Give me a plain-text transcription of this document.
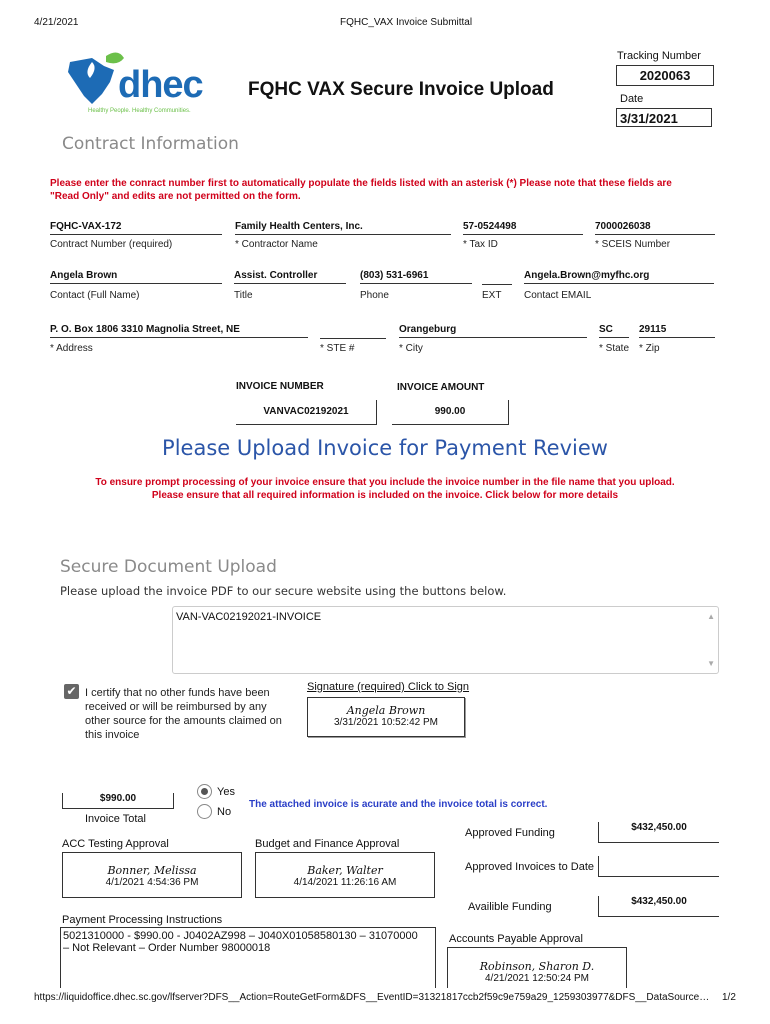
4/21/2021	FQHC_VAX Invoice Submittal
dhec
Healthy People. Healthy Communities.
FQHC VAX Secure Invoice Upload
Tracking Number
2020063
Date
3/31/2021
Contract Information
Please enter the conract number first to automatically populate the fields listed with an asterisk (*) Please note that these fields are "Read Only" and edits are not permitted on the form.
FQHC-VAX-172
Contract Number (required)
Family Health Centers, Inc.
* Contractor Name
57-0524498
* Tax ID
7000026038
* SCEIS Number
Angela Brown
Contact (Full Name)
Assist. Controller
Title
(803) 531-6961
Phone	EXT
Angela.Brown@myfhc.org
Contact EMAIL
P. O. Box 1806 3310 Magnolia Street, NE
* Address	* STE #
Orangeburg
* City
SC
* State
29115
* Zip
INVOICE NUMBER	INVOICE AMOUNT
VANVAC02192021	990.00
Please Upload Invoice for Payment Review
To ensure prompt processing of your invoice ensure that you include the invoice number in the file name that you upload.
Please ensure that all required information is included on the invoice. Click below for more details
Secure Document Upload
Please upload the invoice PDF to our secure website using the buttons below.
VAN-VAC02192021-INVOICE	▲
▼
✔ I certify that no other funds have been
received or will be reimbursed by any
other source for the amounts claimed on
this invoice
Signature (required) Click to Sign
Angela Brown
3/31/2021 10:52:42 PM
$990.00
Invoice Total
Yes
No
The attached invoice is acurate and the invoice total is correct.
ACC Testing Approval
Bonner, Melissa
4/1/2021 4:54:36 PM
Budget and Finance Approval
Baker, Walter
4/14/2021 11:26:16 AM
Approved Funding	$432,450.00
Approved Invoices to Date
Availible Funding	$432,450.00
Payment Processing Instructions
5021310000 - $990.00 - J0402AZ998 – J040X01058580130 – 31070000
– Not Relevant – Order Number 98000018
Accounts Payable Approval
Robinson, Sharon D.
4/21/2021 12:50:24 PM
https://liquidoffice.dhec.sc.gov/lfserver?DFS__Action=RouteGetForm&DFS__EventID=31321817ccb2f59c9e759a29_1259303977&DFS__DataSource…	1/2
